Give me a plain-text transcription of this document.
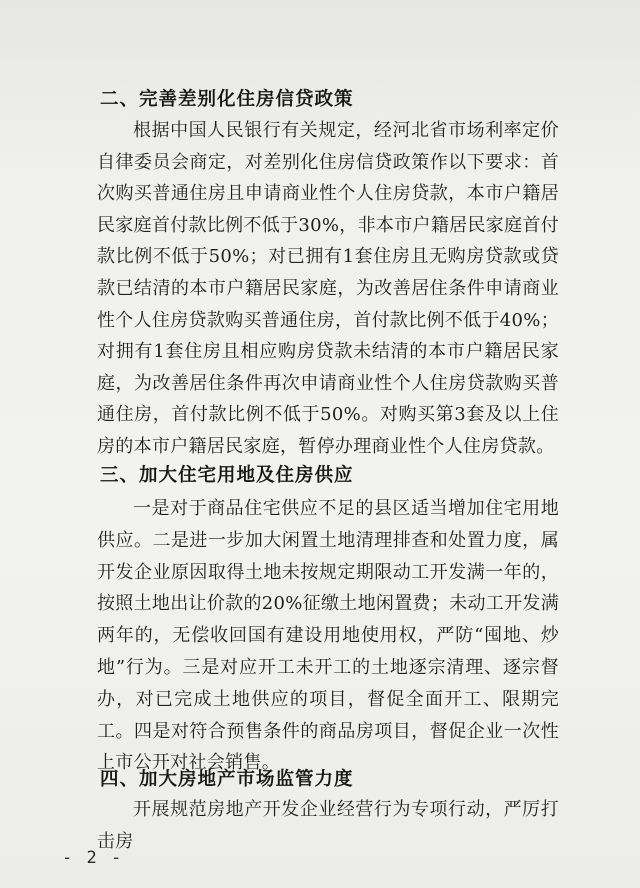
二、完善差别化住房信贷政策

根据中国人民银行有关规定，经河北省市场利率定价自律委员会商定，对差别化住房信贷政策作以下要求：首次购买普通住房且申请商业性个人住房贷款，本市户籍居民家庭首付款比例不低于30%，非本市户籍居民家庭首付款比例不低于50%；对已拥有1套住房且无购房贷款或贷款已结清的本市户籍居民家庭，为改善居住条件申请商业性个人住房贷款购买普通住房，首付款比例不低于40%；对拥有1套住房且相应购房贷款未结清的本市户籍居民家庭，为改善居住条件再次申请商业性个人住房贷款购买普通住房，首付款比例不低于50%。对购买第3套及以上住房的本市户籍居民家庭，暂停办理商业性个人住房贷款。

三、加大住宅用地及住房供应

一是对于商品住宅供应不足的县区适当增加住宅用地供应。二是进一步加大闲置土地清理排查和处置力度，属开发企业原因取得土地未按规定期限动工开发满一年的，按照土地出让价款的20%征缴土地闲置费；未动工开发满两年的，无偿收回国有建设用地使用权，严防“囤地、炒地”行为。三是对应开工未开工的土地逐宗清理、逐宗督办，对已完成土地供应的项目，督促全面开工、限期完工。四是对符合预售条件的商品房项目，督促企业一次性上市公开对社会销售。

四、加大房地产市场监管力度

开展规范房地产开发企业经营行为专项行动，严厉打击房

- 2 -
